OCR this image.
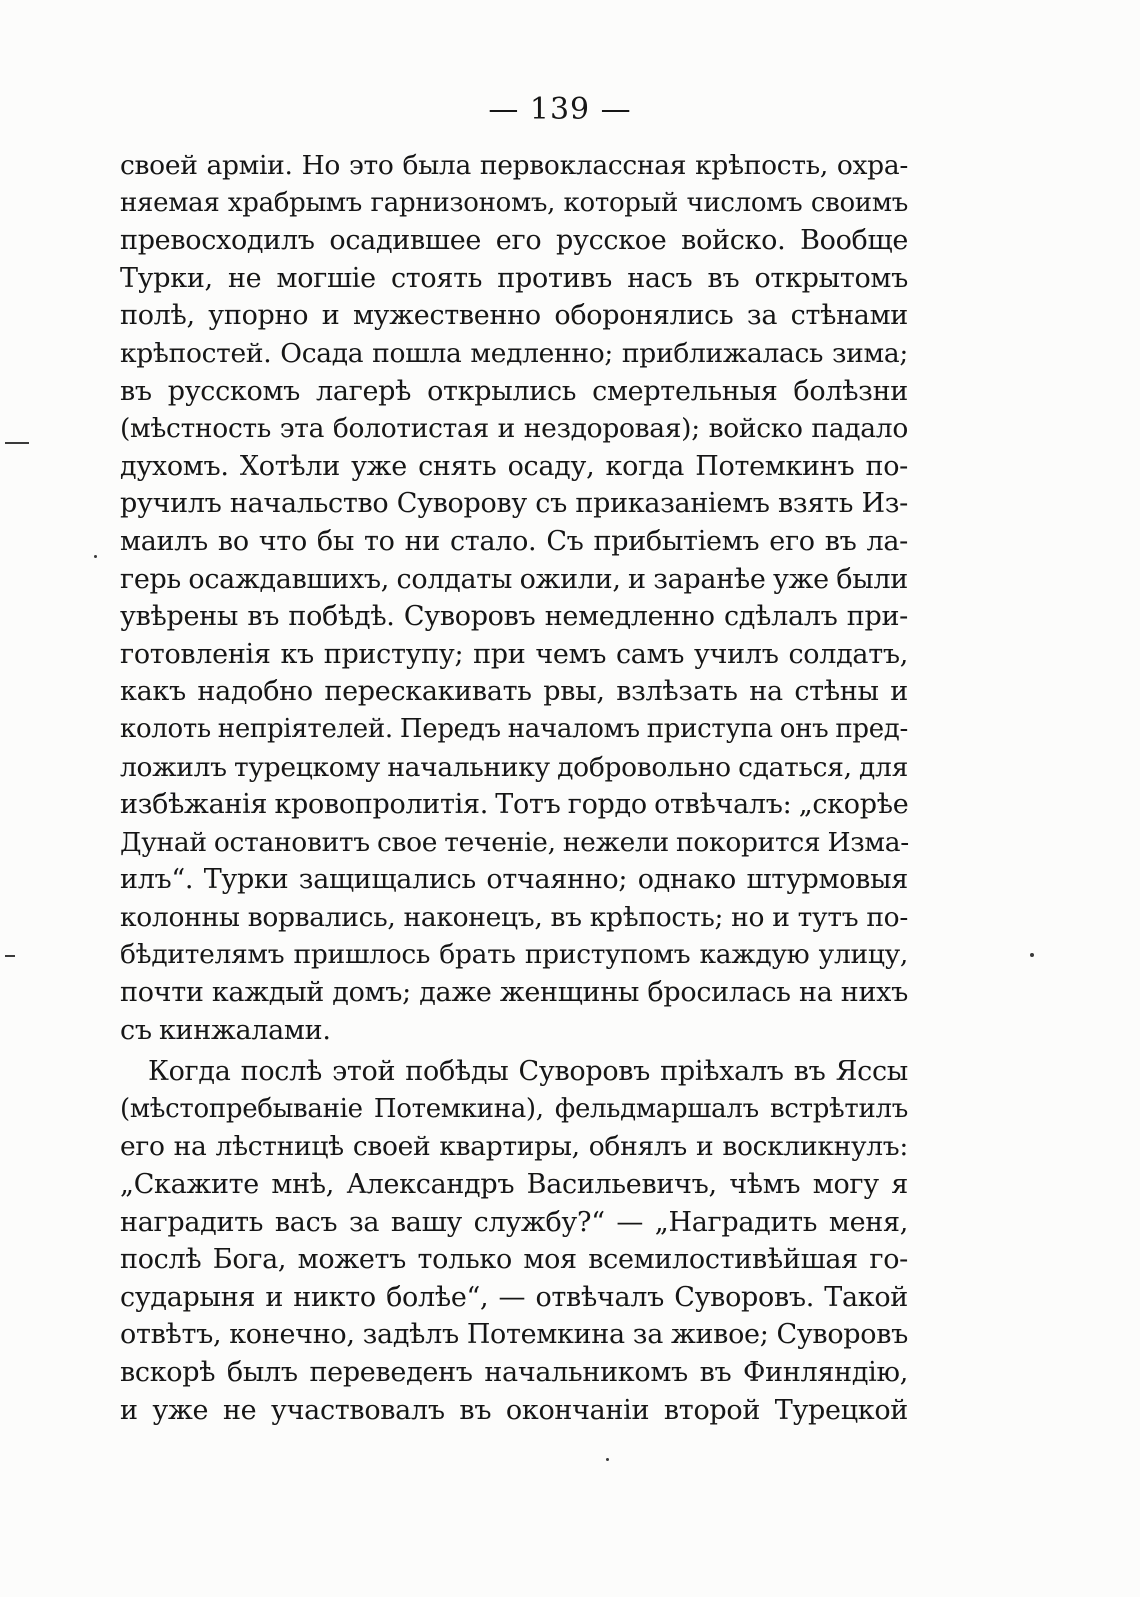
— 139 —
своей арміи. Но это была первоклассная крѣпость, охра-
няемая храбрымъ гарнизономъ, который числомъ своимъ
превосходилъ осадившее его русское войско. Вообще
Турки, не могшіе стоять противъ насъ въ открытомъ
полѣ, упорно и мужественно оборонялись за стѣнами
крѣпостей. Осада пошла медленно; приближалась зима;
въ русскомъ лагерѣ открылись смертельныя болѣзни
(мѣстность эта болотистая и нездоровая); войско падало
духомъ. Хотѣли уже снять осаду, когда Потемкинъ по-
ручилъ начальство Суворову съ приказаніемъ взять Из-
маилъ во что бы то ни стало. Съ прибытіемъ его въ ла-
герь осаждавшихъ, солдаты ожили, и заранѣе уже были
увѣрены въ побѣдѣ. Суворовъ немедленно сдѣлалъ при-
готовленія къ приступу; при чемъ самъ училъ солдатъ,
какъ надобно перескакивать рвы, взлѣзать на стѣны и
колоть непріятелей. Передъ началомъ приступа онъ пред-
ложилъ турецкому начальнику добровольно сдаться, для
избѣжанія кровопролитія. Тотъ гордо отвѣчалъ: „скорѣе
Дунай остановитъ свое теченіе, нежели покорится Изма-
илъ“. Турки защищались отчаянно; однако штурмовыя
колонны ворвались, наконецъ, въ крѣпость; но и тутъ по-
бѣдителямъ пришлось брать приступомъ каждую улицу,
почти каждый домъ; даже женщины бросилась на нихъ
съ кинжалами.
Когда послѣ этой побѣды Суворовъ пріѣхалъ въ Яссы
(мѣстопребываніе Потемкина), фельдмаршалъ встрѣтилъ
его на лѣстницѣ своей квартиры, обнялъ и воскликнулъ:
„Скажите мнѣ, Александръ Васильевичъ, чѣмъ могу я
наградить васъ за вашу службу?“ — „Наградить меня,
послѣ Бога, можетъ только моя всемилостивѣйшая го-
сударыня и никто болѣе“, — отвѣчалъ Суворовъ. Такой
отвѣтъ, конечно, задѣлъ Потемкина за живое; Суворовъ
вскорѣ былъ переведенъ начальникомъ въ Финляндію,
и уже не участвовалъ въ окончаніи второй Турецкой
